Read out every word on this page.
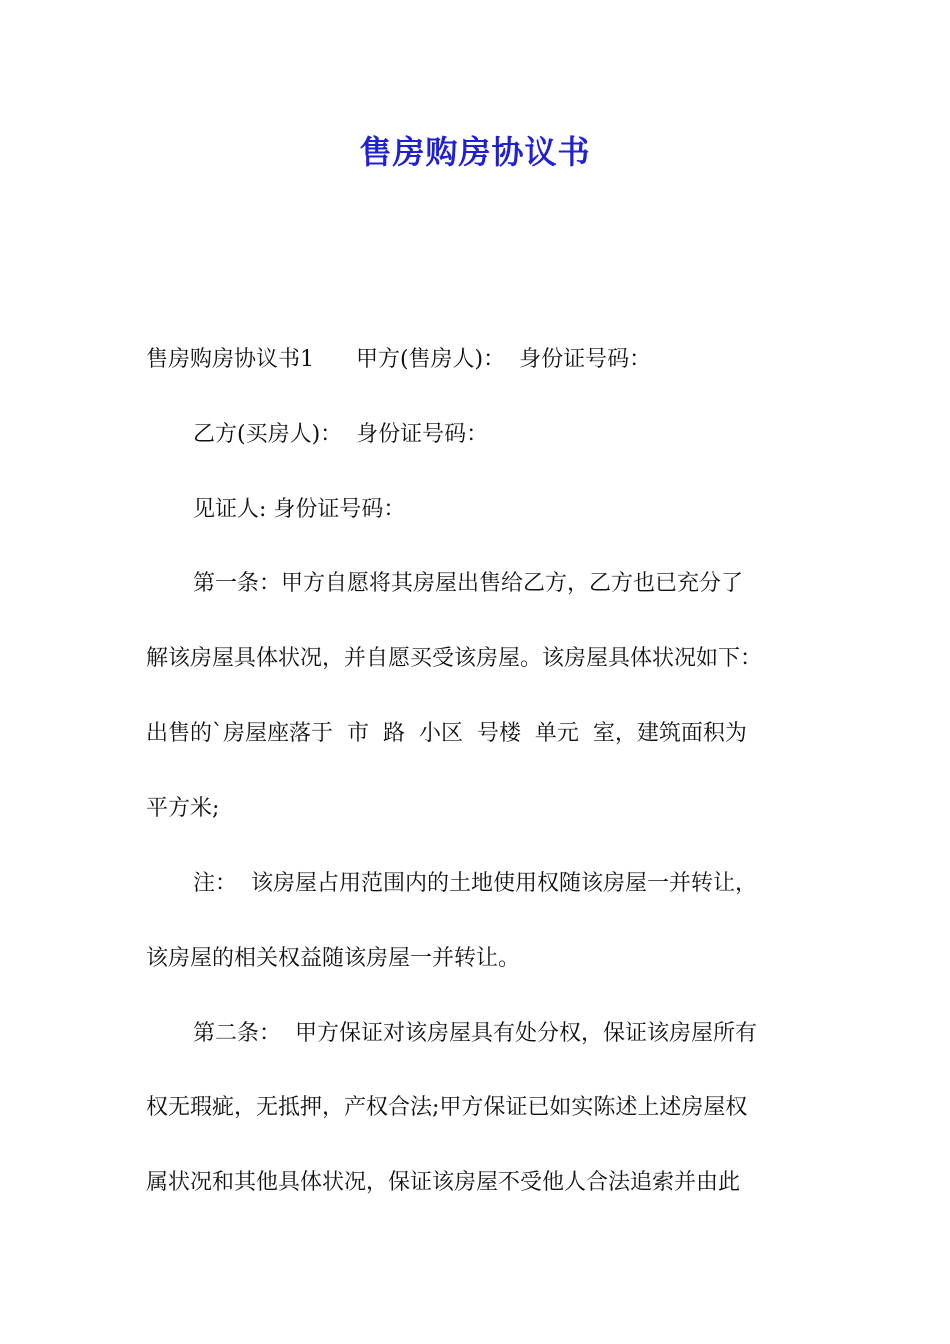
售房购房协议书
售房购房协议书1      甲方(售房人)：  身份证号码：
乙方(买房人)：  身份证号码：
见证人: 身份证号码：
第一条：甲方自愿将其房屋出售给乙方，乙方也已充分了
解该房屋具体状况，并自愿买受该房屋。该房屋具体状况如下：
出售的`房屋座落于  市  路  小区  号楼  单元  室，建筑面积为
平方米;
注：  该房屋占用范围内的土地使用权随该房屋一并转让，
该房屋的相关权益随该房屋一并转让。
第二条：  甲方保证对该房屋具有处分权，保证该房屋所有
权无瑕疵，无抵押，产权合法;甲方保证已如实陈述上述房屋权
属状况和其他具体状况，保证该房屋不受他人合法追索并由此
